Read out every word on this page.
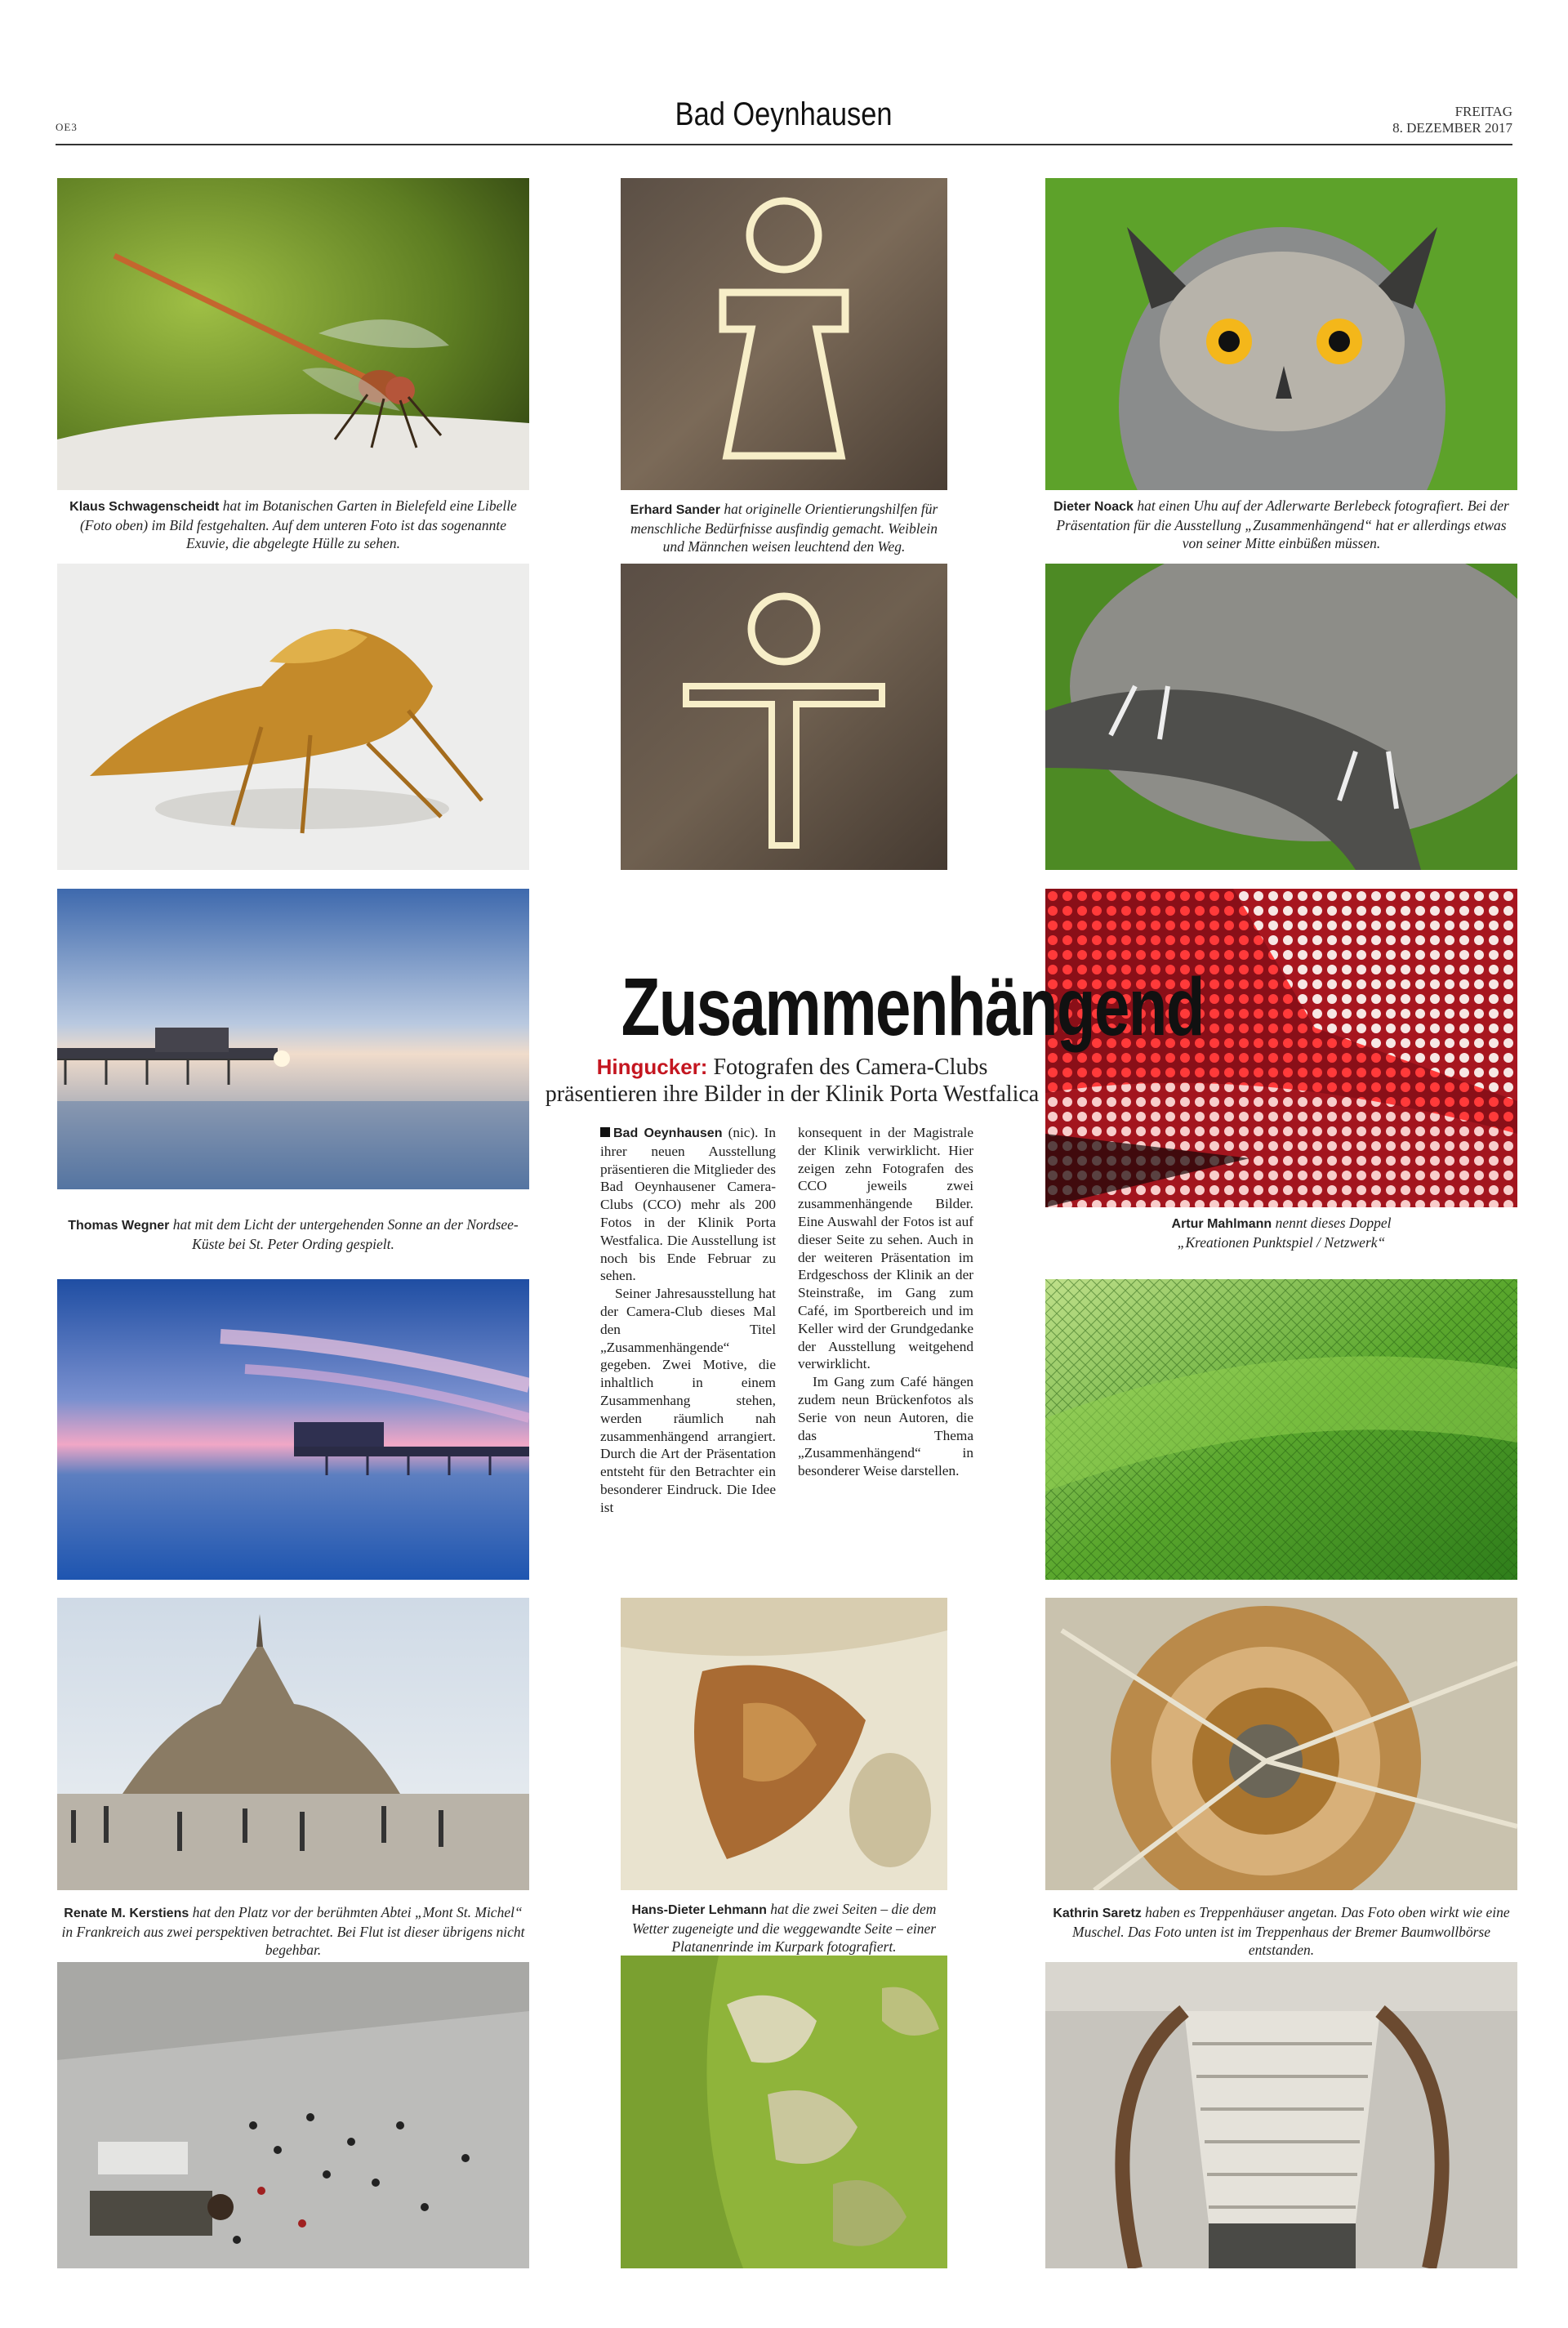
OE3	Bad Oeynhausen	FREITAG
8. DEZEMBER 2017
Klaus Schwagenscheidt hat im Botanischen Garten in Bielefeld eine Libelle (Foto oben) im Bild festgehalten. Auf dem unteren Foto ist das sogenannte Exuvie, die abgelegte Hülle zu sehen.
Erhard Sander hat originelle Orientierungshilfen für menschliche Bedürfnisse ausfindig gemacht. Weiblein und Männchen weisen leuchtend den Weg.
Dieter Noack hat einen Uhu auf der Adlerwarte Berlebeck fotografiert. Bei der Präsentation für die Ausstellung „Zusammenhängend“ hat er allerdings etwas von seiner Mitte einbüßen müssen.
Thomas Wegner hat mit dem Licht der untergehenden Sonne an der Nordsee-Küste bei St. Peter Ording gespielt.
Artur Mahlmann nennt dieses Doppel
„Kreationen Punktspiel / Netzwerk“
Zusammenhängend
Hingucker: Fotografen des Camera-Clubs präsentieren ihre Bilder in der Klinik Porta Westfalica

Bad Oeynhausen (nic). In ihrer neuen Ausstellung präsentieren die Mitglieder des Bad Oeynhausener Camera-Clubs (CCO) mehr als 200 Fotos in der Klinik Porta Westfalica. Die Ausstellung ist noch bis Ende Februar zu sehen.

Seiner Jahresausstellung hat der Camera-Club dieses Mal den Titel „Zusammenhängende“ gegeben. Zwei Motive, die inhaltlich in einem Zusammenhang stehen, werden räumlich nah zusammenhängend arrangiert. Durch die Art der Präsentation entsteht für den Betrachter ein besonderer Eindruck. Die Idee ist

konsequent in der Magistrale der Klinik verwirklicht. Hier zeigen zehn Fotografen des CCO jeweils zwei zusammenhängende Bilder. Eine Auswahl der Fotos ist auf dieser Seite zu sehen. Auch in der weiteren Präsentation im Erdgeschoss der Klinik an der Steinstraße, im Gang zum Café, im Sportbereich und im Keller wird der Grundgedanke der Ausstellung weitgehend verwirklicht.

Im Gang zum Café hängen zudem neun Brückenfotos als Serie von neun Autoren, die das Thema „Zusammenhängend“ in besonderer Weise darstellen.

Renate M. Kerstiens hat den Platz vor der berühmten Abtei „Mont St. Michel“ in Frankreich aus zwei perspektiven betrachtet. Bei Flut ist dieser übrigens nicht begehbar.
Hans-Dieter Lehmann hat die zwei Seiten – die dem Wetter zugeneigte und die weggewandte Seite – einer Platanenrinde im Kurpark fotografiert.
Kathrin Saretz haben es Treppenhäuser angetan. Das Foto oben wirkt wie eine Muschel. Das Foto unten ist im Treppenhaus der Bremer Baumwollbörse entstanden.
